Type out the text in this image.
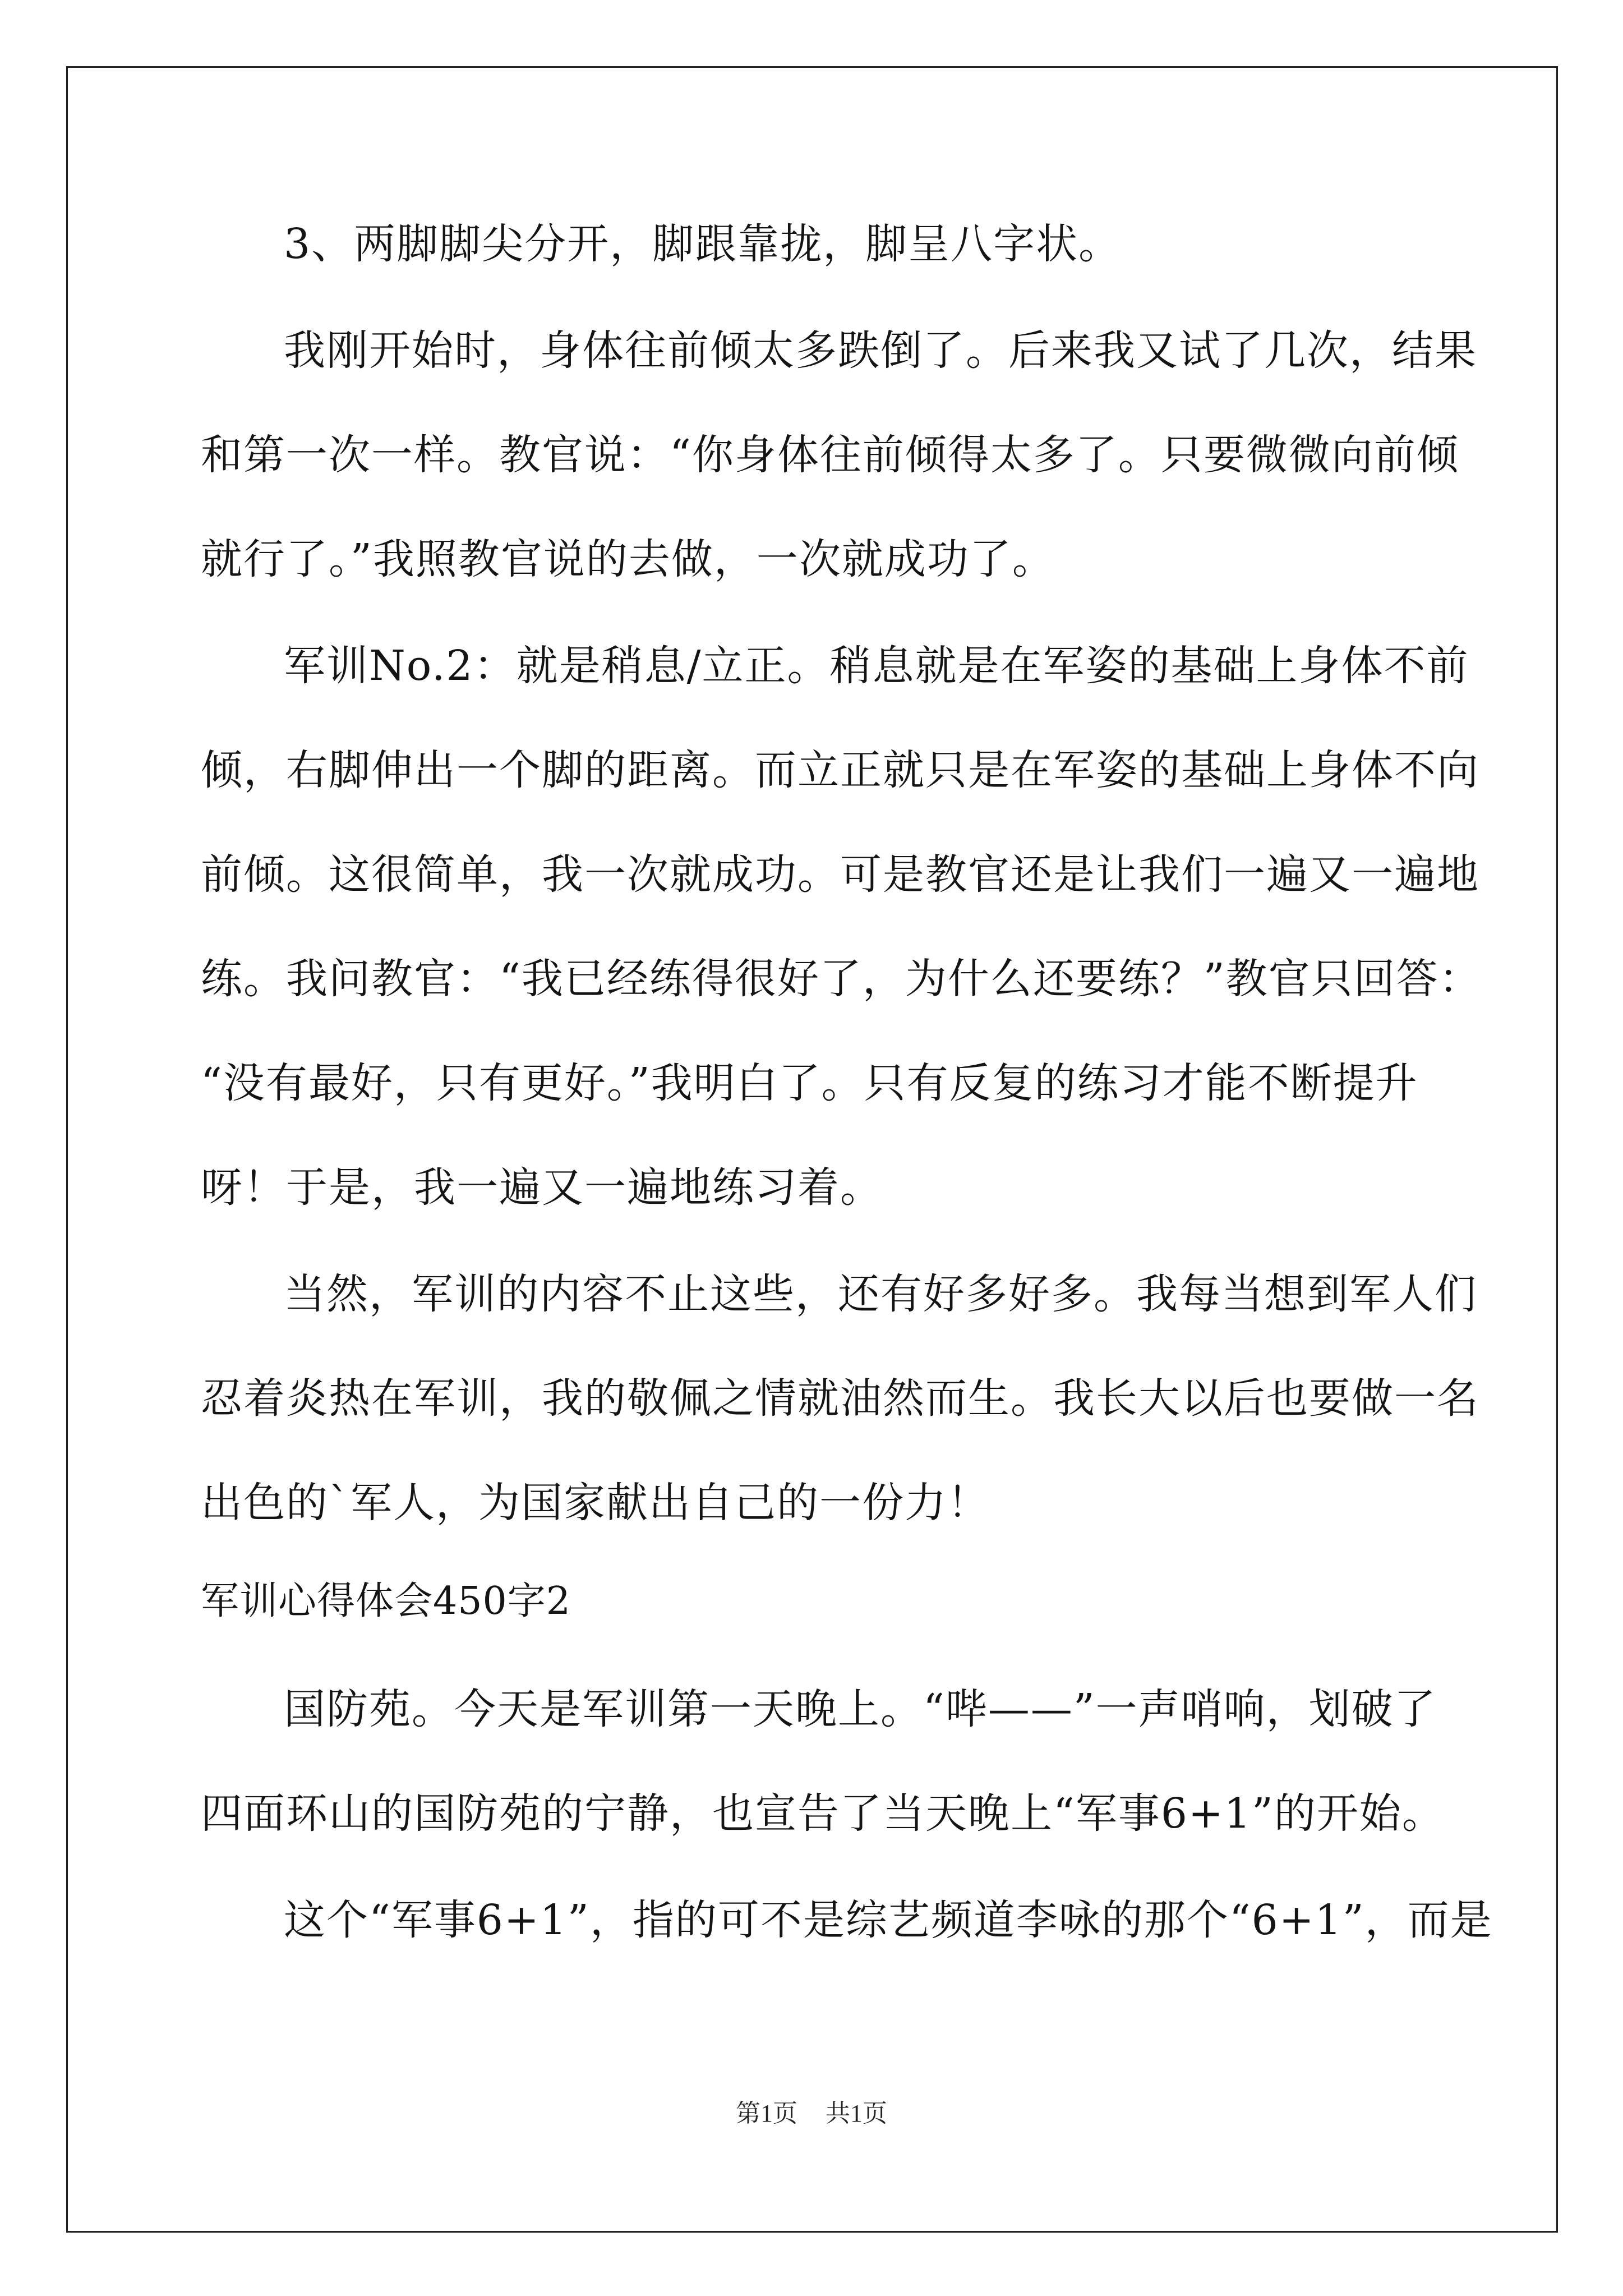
3、两脚脚尖分开，脚跟靠拢，脚呈八字状。
我刚开始时，身体往前倾太多跌倒了。后来我又试了几次，结果
和第一次一样。教官说：“你身体往前倾得太多了。只要微微向前倾
就行了。”我照教官说的去做，一次就成功了。
军训No.2：就是稍息/立正。稍息就是在军姿的基础上身体不前
倾，右脚伸出一个脚的距离。而立正就只是在军姿的基础上身体不向
前倾。这很简单，我一次就成功。可是教官还是让我们一遍又一遍地
练。我问教官：“我已经练得很好了，为什么还要练？”教官只回答：
“没有最好，只有更好。”我明白了。只有反复的练习才能不断提升
呀！于是，我一遍又一遍地练习着。
当然，军训的内容不止这些，还有好多好多。我每当想到军人们
忍着炎热在军训，我的敬佩之情就油然而生。我长大以后也要做一名
出色的`军人，为国家献出自己的一份力！
军训心得体会450字2
国防苑。今天是军训第一天晚上。“哔——”一声哨响，划破了
四面环山的国防苑的宁静，也宣告了当天晚上“军事6+1”的开始。
这个“军事6+1”，指的可不是综艺频道李咏的那个“6+1”，而是
第1页 共1页
